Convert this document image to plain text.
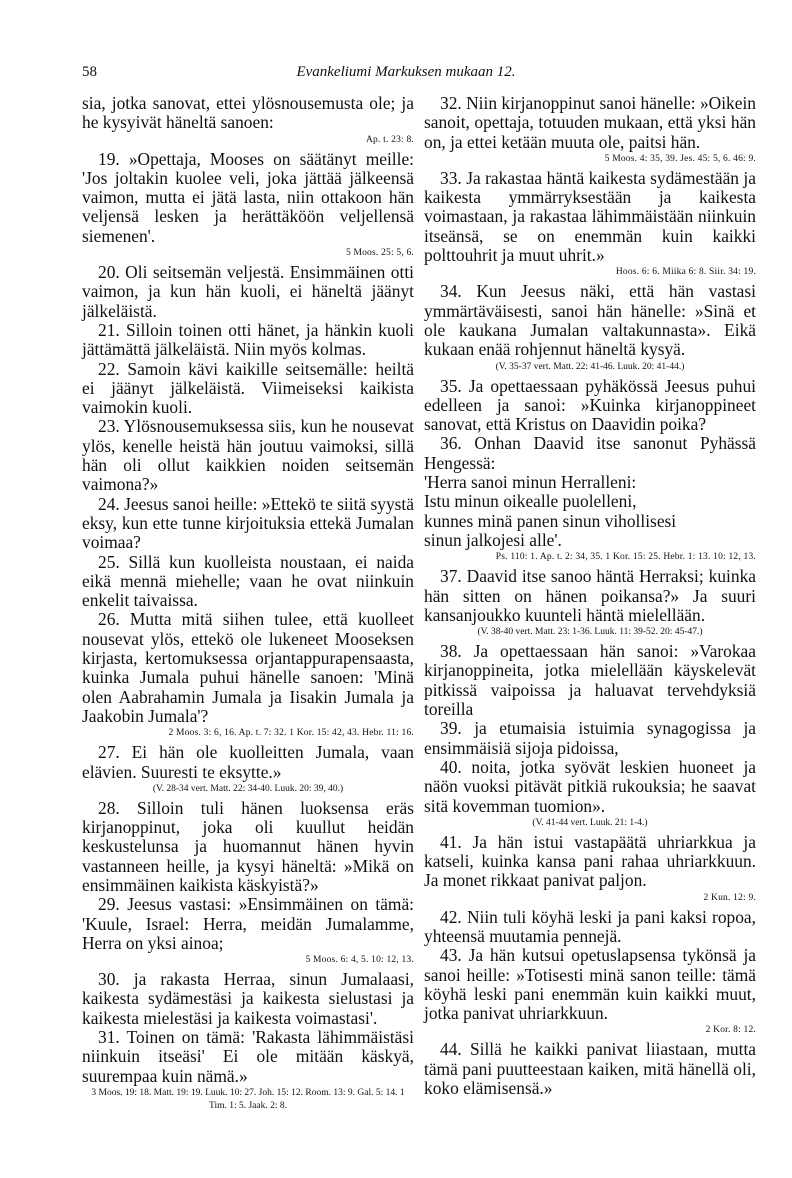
58	Evankeliumi Markuksen mukaan 12.

sia, jotka sanovat, ettei ylösnousemusta ole; ja he kysyivät häneltä sanoen:

Ap. t. 23: 8.

19. »Opettaja, Mooses on säätänyt meille: 'Jos joltakin kuolee veli, joka jättää jälkeensä vaimon, mutta ei jätä lasta, niin ottakoon hän veljensä lesken ja herättäköön veljellensä siemenen'.

5 Moos. 25: 5, 6.

20. Oli seitsemän veljestä. Ensimmäinen otti vaimon, ja kun hän kuoli, ei häneltä jäänyt jälkeläistä.

21. Silloin toinen otti hänet, ja hänkin kuoli jättämättä jälkeläistä. Niin myös kolmas.

22. Samoin kävi kaikille seitsemälle: heiltä ei jäänyt jälkeläistä. Viimeiseksi kaikista vaimokin kuoli.

23. Ylösnousemuksessa siis, kun he nousevat ylös, kenelle heistä hän joutuu vaimoksi, sillä hän oli ollut kaikkien noiden seitsemän vaimona?»

24. Jeesus sanoi heille: »Ettekö te siitä syystä eksy, kun ette tunne kirjoituksia ettekä Jumalan voimaa?

25. Sillä kun kuolleista noustaan, ei naida eikä mennä miehelle; vaan he ovat niinkuin enkelit taivaissa.

26. Mutta mitä siihen tulee, että kuolleet nousevat ylös, ettekö ole lukeneet Mooseksen kirjasta, kertomuksessa orjantappurapensaasta, kuinka Jumala puhui hänelle sanoen: 'Minä olen Aabrahamin Jumala ja Iisakin Jumala ja Jaakobin Jumala'?

2 Moos. 3: 6, 16. Ap. t. 7: 32. 1 Kor. 15: 42, 43. Hebr. 11: 16.

27. Ei hän ole kuolleitten Jumala, vaan elävien. Suuresti te eksytte.»

(V. 28-34 vert. Matt. 22: 34-40. Luuk. 20: 39, 40.)

28. Silloin tuli hänen luoksensa eräs kirjanoppinut, joka oli kuullut heidän keskustelunsa ja huomannut hänen hyvin vastanneen heille, ja kysyi häneltä: »Mikä on ensimmäinen kaikista käskyistä?»

29. Jeesus vastasi: »Ensimmäinen on tämä: 'Kuule, Israel: Herra, meidän Jumalamme, Herra on yksi ainoa;

5 Moos. 6: 4, 5. 10: 12, 13.

30. ja rakasta Herraa, sinun Jumalaasi, kaikesta sydämestäsi ja kaikesta sielustasi ja kaikesta mielestäsi ja kaikesta voimastasi'.

31. Toinen on tämä: 'Rakasta lähimmäistäsi niinkuin itseäsi' Ei ole mitään käskyä, suurempaa kuin nämä.»

3 Moos. 19: 18. Matt. 19: 19. Luuk. 10: 27. Joh. 15: 12. Room. 13: 9. Gal. 5: 14. 1 Tim. 1: 5. Jaak. 2: 8.

32. Niin kirjanoppinut sanoi hänelle: »Oikein sanoit, opettaja, totuuden mukaan, että yksi hän on, ja ettei ketään muuta ole, paitsi hän.

5 Moos. 4: 35, 39. Jes. 45: 5, 6. 46: 9.

33. Ja rakastaa häntä kaikesta sydämestään ja kaikesta ymmärryksestään ja kaikesta voimastaan, ja rakastaa lähimmäistään niinkuin itseänsä, se on enemmän kuin kaikki polttouhrit ja muut uhrit.»

Hoos. 6: 6. Miika 6: 8. Siir. 34: 19.

34. Kun Jeesus näki, että hän vastasi ymmärtäväisesti, sanoi hän hänelle: »Sinä et ole kaukana Jumalan valtakunnasta». Eikä kukaan enää rohjennut häneltä kysyä.

(V. 35-37 vert. Matt. 22: 41-46. Luuk. 20: 41-44.)

35. Ja opettaessaan pyhäkössä Jeesus puhui edelleen ja sanoi: »Kuinka kirjanoppineet sanovat, että Kristus on Daavidin poika?

36. Onhan Daavid itse sanonut Pyhässä Hengessä:

'Herra sanoi minun Herralleni:

Istu minun oikealle puolelleni,

kunnes minä panen sinun vihollisesi

sinun jalkojesi alle'.

Ps. 110: 1. Ap. t. 2: 34, 35. 1 Kor. 15: 25. Hebr. 1: 13. 10: 12, 13.

37. Daavid itse sanoo häntä Herraksi; kuinka hän sitten on hänen poikansa?» Ja suuri kansanjoukko kuunteli häntä mielellään.

(V. 38-40 vert. Matt. 23: 1-36. Luuk. 11: 39-52. 20: 45-47.)

38. Ja opettaessaan hän sanoi: »Varokaa kirjanoppineita, jotka mielellään käyskelevät pitkissä vaipoissa ja haluavat tervehdyksiä toreilla

39. ja etumaisia istuimia synagogissa ja ensimmäisiä sijoja pidoissa,

40. noita, jotka syövät leskien huoneet ja näön vuoksi pitävät pitkiä rukouksia; he saavat sitä kovemman tuomion».

(V. 41-44 vert. Luuk. 21: 1-4.)

41. Ja hän istui vastapäätä uhriarkkua ja katseli, kuinka kansa pani rahaa uhriarkkuun. Ja monet rikkaat panivat paljon.

2 Kun. 12: 9.

42. Niin tuli köyhä leski ja pani kaksi ropoa, yhteensä muutamia pennejä.

43. Ja hän kutsui opetuslapsensa tykönsä ja sanoi heille: »Totisesti minä sanon teille: tämä köyhä leski pani enemmän kuin kaikki muut, jotka panivat uhriarkkuun.

2 Kor. 8: 12.

44. Sillä he kaikki panivat liiastaan, mutta tämä pani puutteestaan kaiken, mitä hänellä oli, koko elämisensä.»
